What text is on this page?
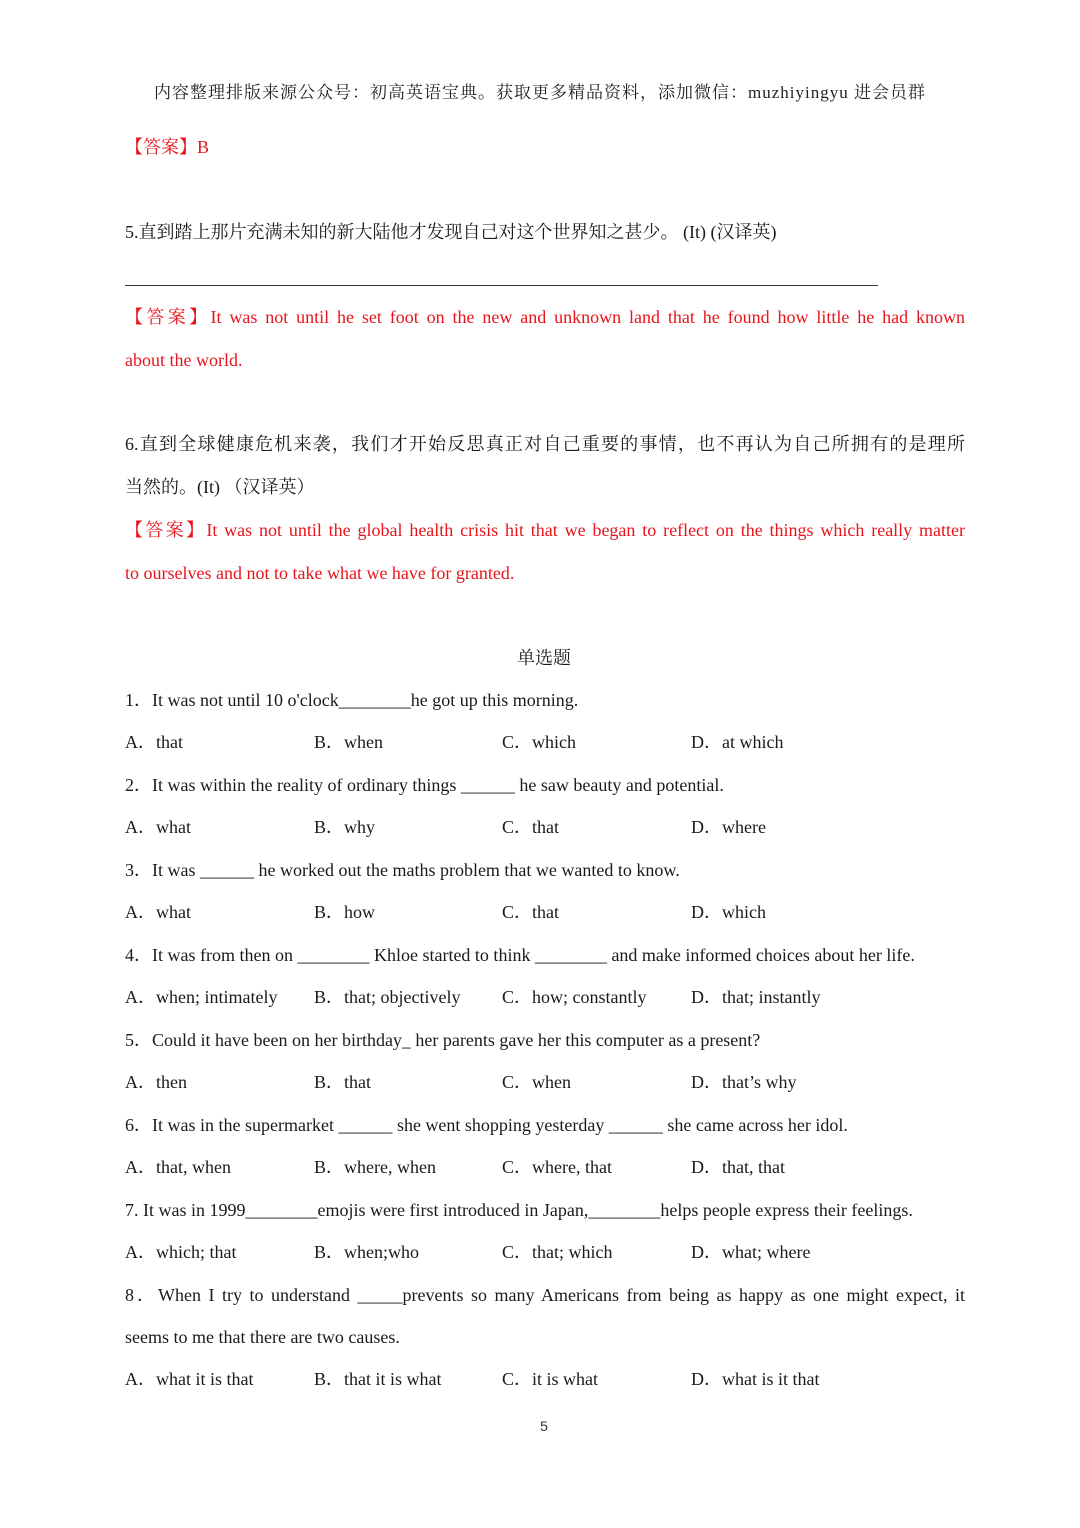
内容整理排版来源公众号：初高英语宝典。获取更多精品资料，添加微信：muzhiyingyu 进会员群
【答案】B
5.直到踏上那片充满未知的新大陆他才发现自己对这个世界知之甚少。 (It) (汉译英)
【答案】It was not until he set foot on the new and unknown land that he found how little he had known
about the world.
6.直到全球健康危机来袭，我们才开始反思真正对自己重要的事情，也不再认为自己所拥有的是理所
当然的。(It) （汉译英）
【答案】It was not until the global health crisis hit that we began to reflect on the things which really matter
to ourselves and not to take what we have for granted.
单选题
1．It was not until 10 o'clock________he got up this morning.
A．that	B．when	C．which	D．at which
2．It was within the reality of ordinary things ______ he saw beauty and potential.
A．what	B．why	C．that	D．where
3．It was ______ he worked out the maths problem that we wanted to know.
A．what	B．how	C．that	D．which
4．It was from then on ________ Khloe started to think ________ and make informed choices about her life.
A．when; intimately B．that; objectively C．how; constantly D．that; instantly
5．Could it have been on her birthday_ her parents gave her this computer as a present?
A．then	B．that	C．when	D．that’s why
6．It was in the supermarket ______ she went shopping yesterday ______ she came across her idol.
A．that, when	B．where, when	C．where, that	D．that, that
7. It was in 1999________emojis were first introduced in Japan,________helps people express their feelings.
A．which; that	B．when;who	C．that; which	D．what; where
8．When I try to understand _____prevents so many Americans from being as happy as one might expect, it
seems to me that there are two causes.
A．what it is that	B．that it is what	C．it is what	D．what is it that
5
